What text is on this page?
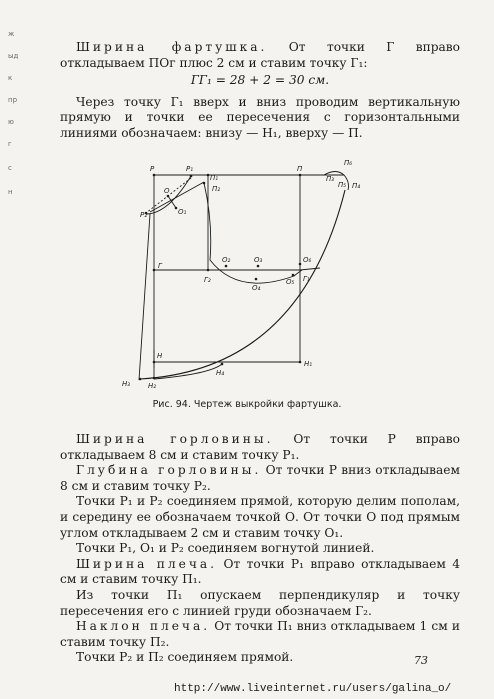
ж
ыд
к
пр
ю
г
с
н

Ширина фартушка. От точки Г вправо откладываем ПОг плюс 2 см и ставим точку Г₁:

ГГ₁ = 28 + 2 = 30 см.

Через точку Г₁ вверх и вниз проводим вертикальную прямую и точки ее пересечения с горизонтальными линиями обозначаем: внизу — Н₁, вверху — П.

Р	Р₁
П₁
П₂
П
П₃
П₄
П₅
П₆
Р₂
О
О₁
Г
Г₂
О₂	О₃
О₄
О₅
О₆
Г₁
Н
Н₁
Н₂
Н₃
Н₄
Рис. 94. Чертеж выкройки фартушка.

Ширина горловины. От точки Р вправо откладываем 8 см и ставим точку Р₁.

Глубина горловины. От точки Р вниз откладываем 8 см и ставим точку Р₂.

Точки Р₁ и Р₂ соединяем прямой, которую делим пополам, и середину ее обозначаем точкой О. От точки О под прямым углом откладываем 2 см и ставим точку О₁.

Точки Р₁, О₁ и Р₂ соединяем вогнутой линией.

Ширина плеча. От точки Р₁ вправо откладываем 4 см и ставим точку П₁.

Из точки П₁ опускаем перпендикуляр и точку пересечения его с линией груди обозначаем Г₂.

Наклон плеча. От точки П₁ вниз откладываем 1 см и ставим точку П₂.

Точки Р₂ и П₂ соединяем прямой.	73
http://www.liveinternet.ru/users/galina_o/
